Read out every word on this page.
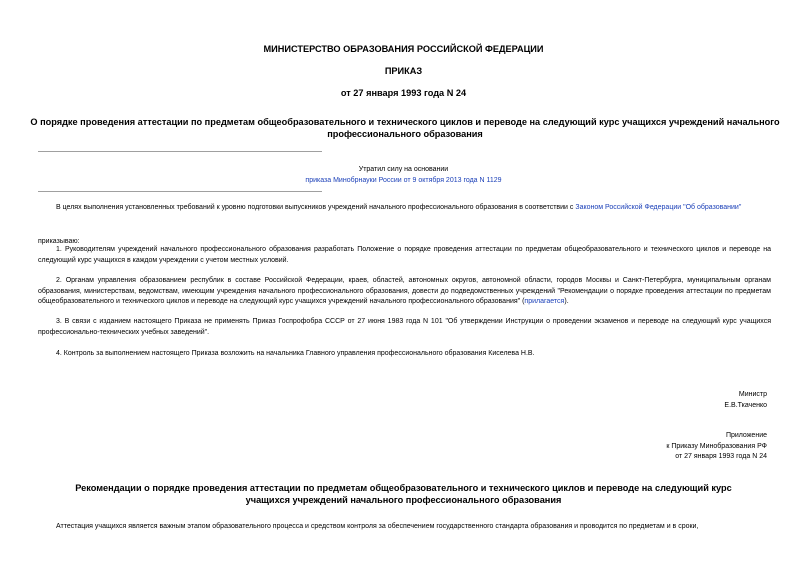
МИНИСТЕРСТВО ОБРАЗОВАНИЯ РОССИЙСКОЙ ФЕДЕРАЦИИ
ПРИКАЗ
от 27 января 1993 года N 24
О порядке проведения аттестации по предметам общеобразовательного и технического циклов и переводе на следующий курс учащихся учреждений начального профессионального образования
Утратил силу на основании
приказа Минобрнауки России от 9 октября 2013 года N 1129
В целях выполнения установленных требований к уровню подготовки выпускников учреждений начального профессионального образования в соответствии с Законом Российской Федерации "Об образовании"
приказываю:
1. Руководителям учреждений начального профессионального образования разработать Положение о порядке проведения аттестации по предметам общеобразовательного и технического циклов и переводе на следующий курс учащихся в каждом учреждении с учетом местных условий.
2. Органам управления образованием республик в составе Российской Федерации, краев, областей, автономных округов, автономной области, городов Москвы и Санкт-Петербурга, муниципальным органам образования, министерствам, ведомствам, имеющим учреждения начального профессионального образования, довести до подведомственных учреждений "Рекомендации о порядке проведения аттестации по предметам общеобразовательного и технического циклов и переводе на следующий курс учащихся учреждений начального профессионального образования" (прилагается).
3. В связи с изданием настоящего Приказа не применять Приказ Госпрофобра СССР от 27 июня 1983 года N 101 "Об утверждении Инструкции о проведении экзаменов и переводе на следующий курс учащихся профессионально-технических учебных заведений".
4. Контроль за выполнением настоящего Приказа возложить на начальника Главного управления профессионального образования Киселева Н.В.
Министр
Е.В.Ткаченко
Приложение
к Приказу Минобразования РФ
от 27 января 1993 года N 24
Рекомендации о порядке проведения аттестации по предметам общеобразовательного и технического циклов и переводе на следующий курс учащихся учреждений начального профессионального образования
Аттестация учащихся является важным этапом образовательного процесса и средством контроля за обеспечением государственного стандарта образования и проводится по предметам и в сроки,
